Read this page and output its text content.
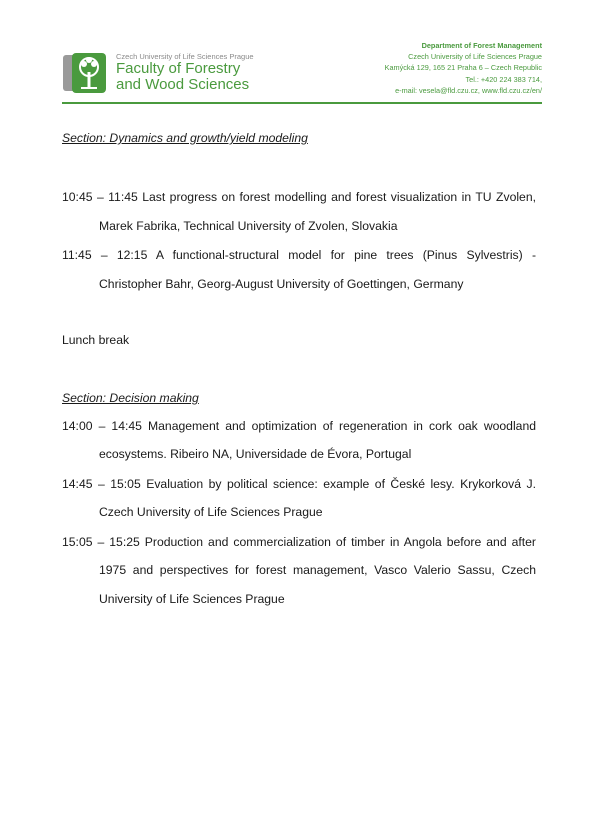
Czech University of Life Sciences Prague
Faculty of Forestry
and Wood Sciences
Department of Forest Management
Czech University of Life Sciences Prague
Kamýcká 129, 165 21 Praha 6 – Czech Republic
Tel.: +420 224 383 714,
e-mail: vesela@fld.czu.cz, www.fld.czu.cz/en/
Section: Dynamics and growth/yield modeling
10:45 – 11:45 Last progress on forest modelling and forest visualization in TU Zvolen,
Marek Fabrika, Technical University of Zvolen, Slovakia
11:45 – 12:15 A functional-structural model for pine trees (Pinus Sylvestris) -
Christopher Bahr, Georg-August University of Goettingen, Germany
Lunch break
Section: Decision making
14:00 – 14:45 Management and optimization of regeneration in cork oak woodland
ecosystems. Ribeiro NA, Universidade de Évora, Portugal
14:45 – 15:05 Evaluation by political science: example of České lesy. Krykorková J.
Czech University of Life Sciences Prague
15:05 – 15:25 Production and commercialization of timber in Angola before and after
1975 and perspectives for forest management, Vasco Valerio Sassu, Czech
University of Life Sciences Prague
